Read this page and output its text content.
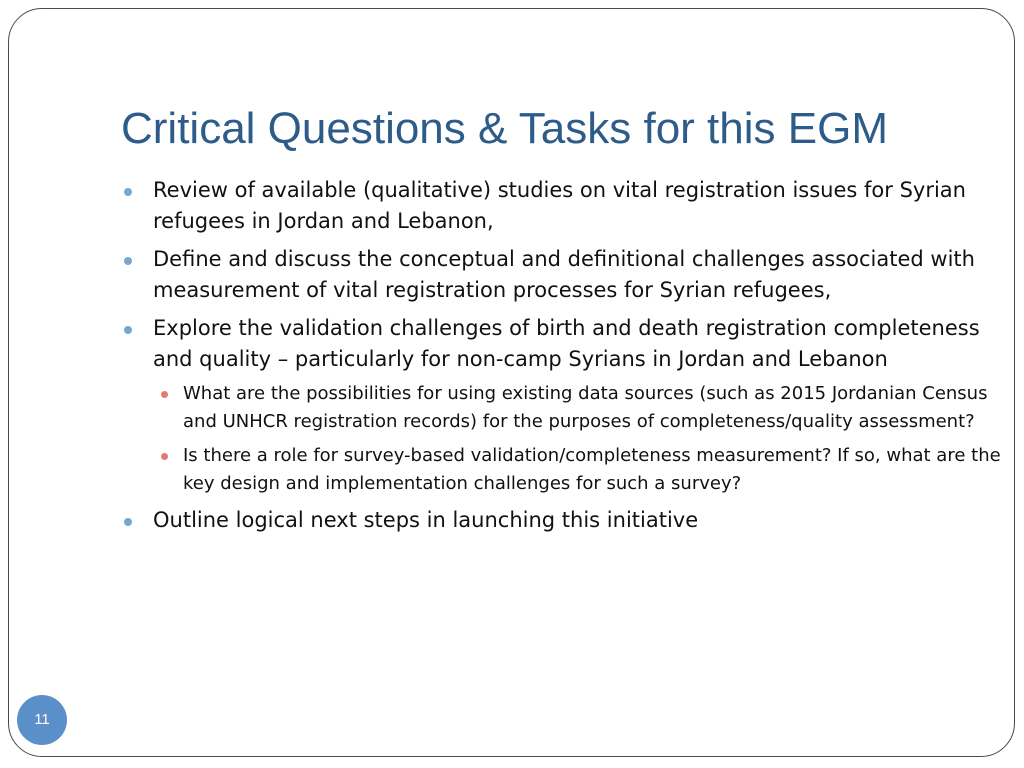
Critical Questions & Tasks for this EGM
Review of available (qualitative) studies on vital registration issues for Syrian refugees in Jordan and Lebanon,
Define and discuss the conceptual and definitional challenges associated with measurement of vital registration processes for Syrian refugees,
Explore the validation challenges of birth and death registration completeness and quality – particularly for non-camp Syrians in Jordan and Lebanon
What are the possibilities for using existing data sources (such as 2015 Jordanian Census and UNHCR registration records) for the purposes of completeness/quality assessment?
Is there a role for survey-based validation/completeness measurement? If so, what are the key design and implementation challenges for such a survey?
Outline logical next steps in launching this initiative
11
